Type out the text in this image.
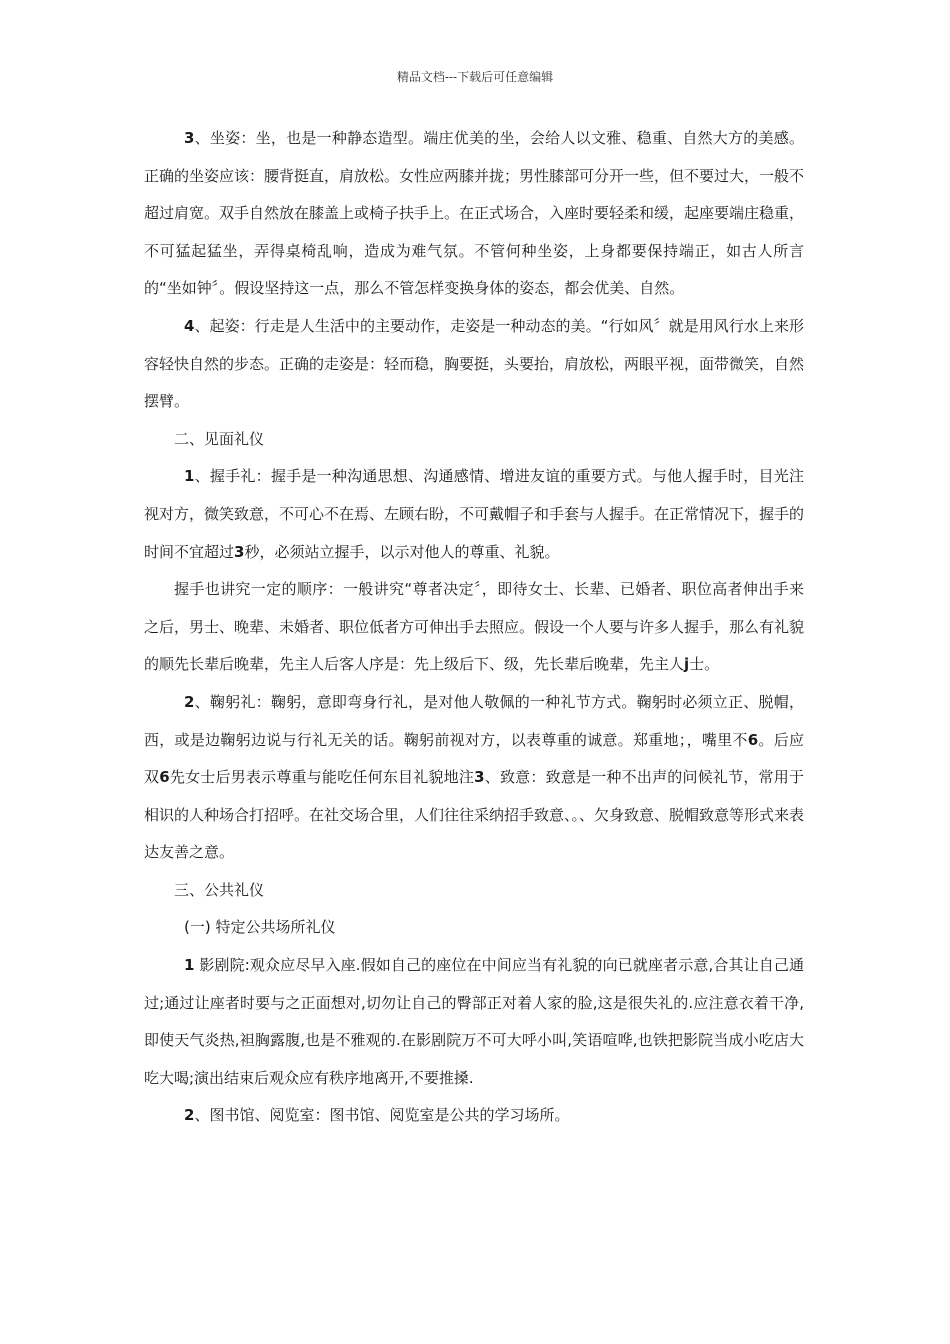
精品文档---下载后可任意编辑

3、坐姿：坐，也是一种静态造型。端庄优美的坐，会给人以文雅、稳重、自然大方的美感。正确的坐姿应该：腰背挺直，肩放松。女性应两膝并拢；男性膝部可分开一些，但不要过大，一般不超过肩宽。双手自然放在膝盖上或椅子扶手上。在正式场合，入座时要轻柔和缓，起座要端庄稳重，不可猛起猛坐，弄得桌椅乱响，造成为难气氛。不管何种坐姿，上身都要保持端正，如古人所言的“坐如钟〞。假设坚持这一点，那么不管怎样变换身体的姿态，都会优美、自然。

4、起姿：行走是人生活中的主要动作，走姿是一种动态的美。“行如风〞就是用风行水上来形容轻快自然的步态。正确的走姿是：轻而稳，胸要挺，头要抬，肩放松，两眼平视，面带微笑，自然摆臂。

二、见面礼仪

1、握手礼：握手是一种沟通思想、沟通感情、增进友谊的重要方式。与他人握手时，目光注视对方，微笑致意，不可心不在焉、左顾右盼，不可戴帽子和手套与人握手。在正常情况下，握手的时间不宜超过3秒，必须站立握手，以示对他人的尊重、礼貌。

握手也讲究一定的顺序：一般讲究“尊者决定〞，即待女士、长辈、已婚者、职位高者伸出手来之后，男士、晚辈、未婚者、职位低者方可伸出手去照应。假设一个人要与许多人握手，那么有礼貌的顺先长辈后晚辈，先主人后客人序是：先上级后下、级，先长辈后晚辈，先主人j士。

2、鞠躬礼：鞠躬，意即弯身行礼，是对他人敬佩的一种礼节方式。鞠躬时必须立正、脱帽，西，或是边鞠躬边说与行礼无关的话。鞠躬前视对方，以表尊重的诚意。郑重地；，嘴里不6。后应双6先女士后男表示尊重与能吃任何东目礼貌地注3、致意：致意是一种不出声的问候礼节，常用于相识的人种场合打招呼。在社交场合里，人们往往采纳招手致意、。、欠身致意、脱帽致意等形式来表达友善之意。

三、公共礼仪

(一) 特定公共场所礼仪

1 影剧院:观众应尽早入座.假如自己的座位在中间应当有礼貌的向已就座者示意,合其让自己通过;通过让座者时要与之正面想对,切勿让自己的臀部正对着人家的脸,这是很失礼的.应注意衣着干净,即使天气炎热,袒胸露腹,也是不雅观的.在影剧院万不可大呼小叫,笑语喧哗,也铁把影院当成小吃店大吃大喝;演出结束后观众应有秩序地离开,不要推搡.

2、图书馆、阅览室：图书馆、阅览室是公共的学习场所。
